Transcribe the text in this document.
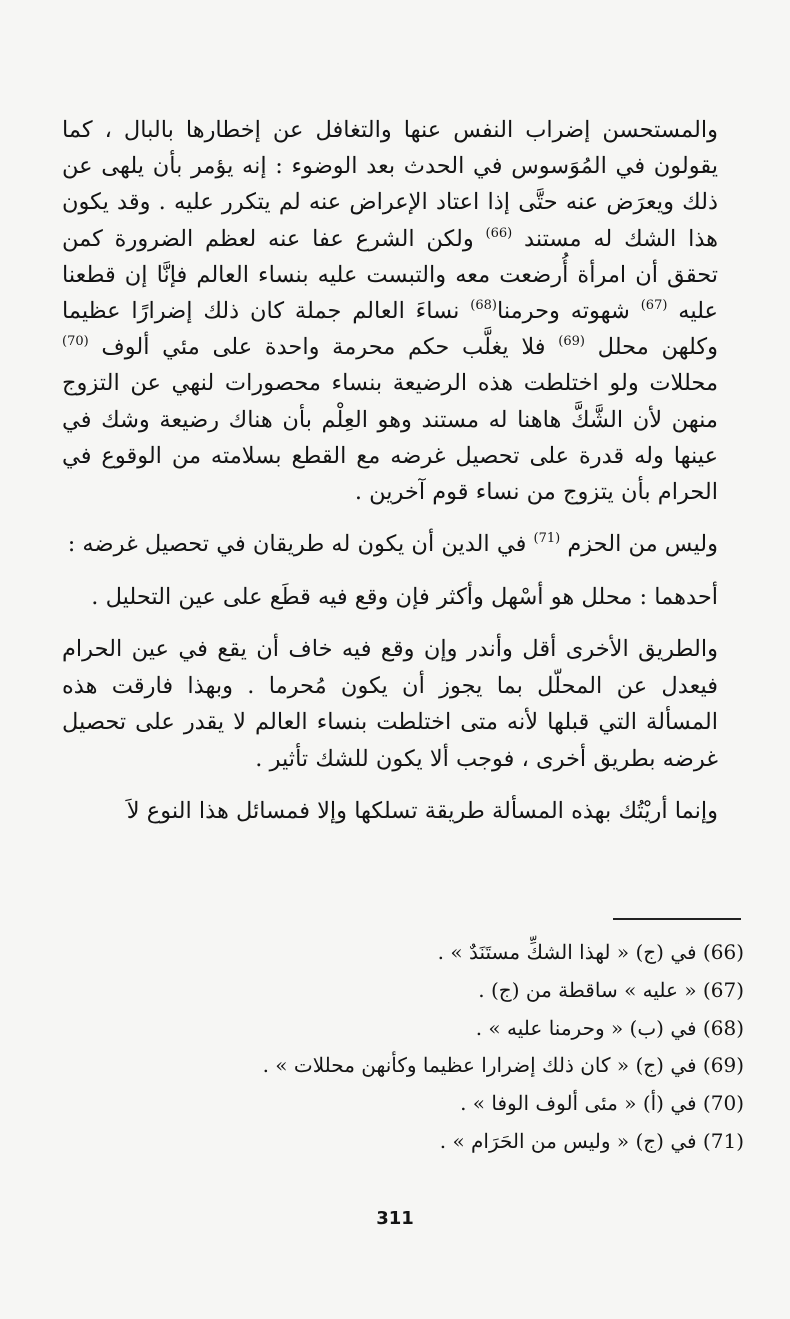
والمستحسن إضراب النفس عنها والتغافل عن إخطارها بالبال ، كما يقولون في المُوَسوس في الحدث بعد الوضوء : إنه يؤمر بأن يلهى عن ذلك ويعرَض عنه حتَّى إذا اعتاد الإعراض عنه لم يتكرر عليه . وقد يكون هذا الشك له مستند $^{(66)}$ ولكن الشرع عفا عنه لعظم الضرورة كمن تحقق أن امرأة أُرضعت معه والتبست عليه بنساء العالم فإنَّا إن قطعنا عليه $^{(67)}$ شهوته وحرمنا$^{(68)}$ نساءَ العالم جملة كان ذلك إضرارًا عظيما وكلهن محلل $^{(69)}$ فلا يغلَّب حكم محرمة واحدة على مئي ألوف $^{(70)}$ محللات ولو اختلطت هذه الرضيعة بنساء محصورات لنهي عن التزوج منهن لأن الشَّكَّ هاهنا له مستند وهو العِلْم بأن هناك رضيعة وشك في عينها وله قدرة على تحصيل غرضه مع القطع بسلامته من الوقوع في الحرام بأن يتزوج من نساء قوم آخرين .

وليس من الحزم $^{(71)}$ في الدين أن يكون له طريقان في تحصيل غرضه :

أحدهما : محلل هو أسْهل وأكثر فإن وقع فيه قطَع على عين التحليل .

والطريق الأخرى أقل وأندر وإن وقع فيه خاف أن يقع في عين الحرام فيعدل عن المحلّل بما يجوز أن يكون مُحرما . وبهذا فارقت هذه المسألة التي قبلها لأنه متى اختلطت بنساء العالم لا يقدر على تحصيل غرضه بطريق أخرى ، فوجب ألا يكون للشك تأثير .

وإنما أريْتُك بهذه المسألة طريقة تسلكها وإلا فمسائل هذا النوع لاَ

(66) في (ج) « لهذا الشكِّ مستَنَدٌ » .

(67) « عليه » ساقطة من (ج) .

(68) في (ب) « وحرمنا عليه » .

(69) في (ج) « كان ذلك إضرارا عظيما وكأنهن محللات » .

(70) في (أ) « مئى ألوف الوفا » .

(71) في (ج) « وليس من الحَرَام » .

311
